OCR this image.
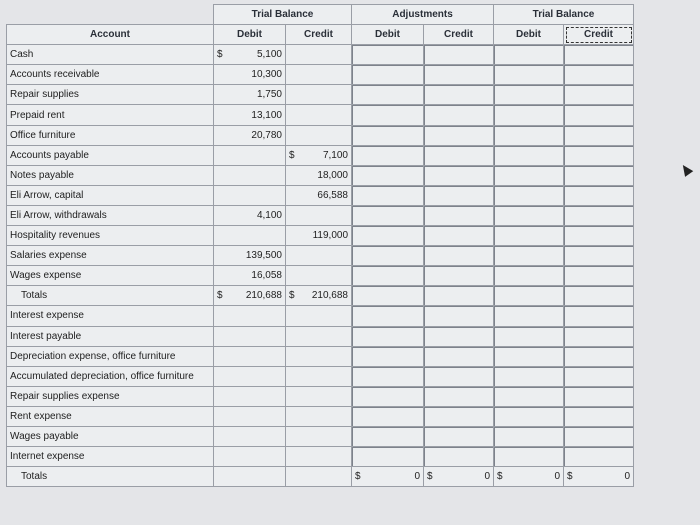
	Trial Balance		Adjustments		Trial Balance	
Account	Debit	Credit	Debit	Credit	Debit	Credit
Cash	$ 5,100					

Accounts receivable	10,300					

Repair supplies	1,750					

Prepaid rent	13,100					

Office furniture	20,780					

Accounts payable		$ 7,100				

Notes payable		18,000				

Eli Arrow, capital		66,588				

Eli Arrow, withdrawals	4,100					

Hospitality revenues		119,000				

Salaries expense	139,500					

Wages expense	16,058					

Totals	$ 210,688	$ 210,688				

Interest expense	

Interest payable	

Depreciation expense, office furniture	

Accumulated depreciation, office furniture	

Repair supplies expense	

Rent expense	

Wages payable	

Internet expense	

Totals			$ 0	$ 0	$ 0	$ 0
